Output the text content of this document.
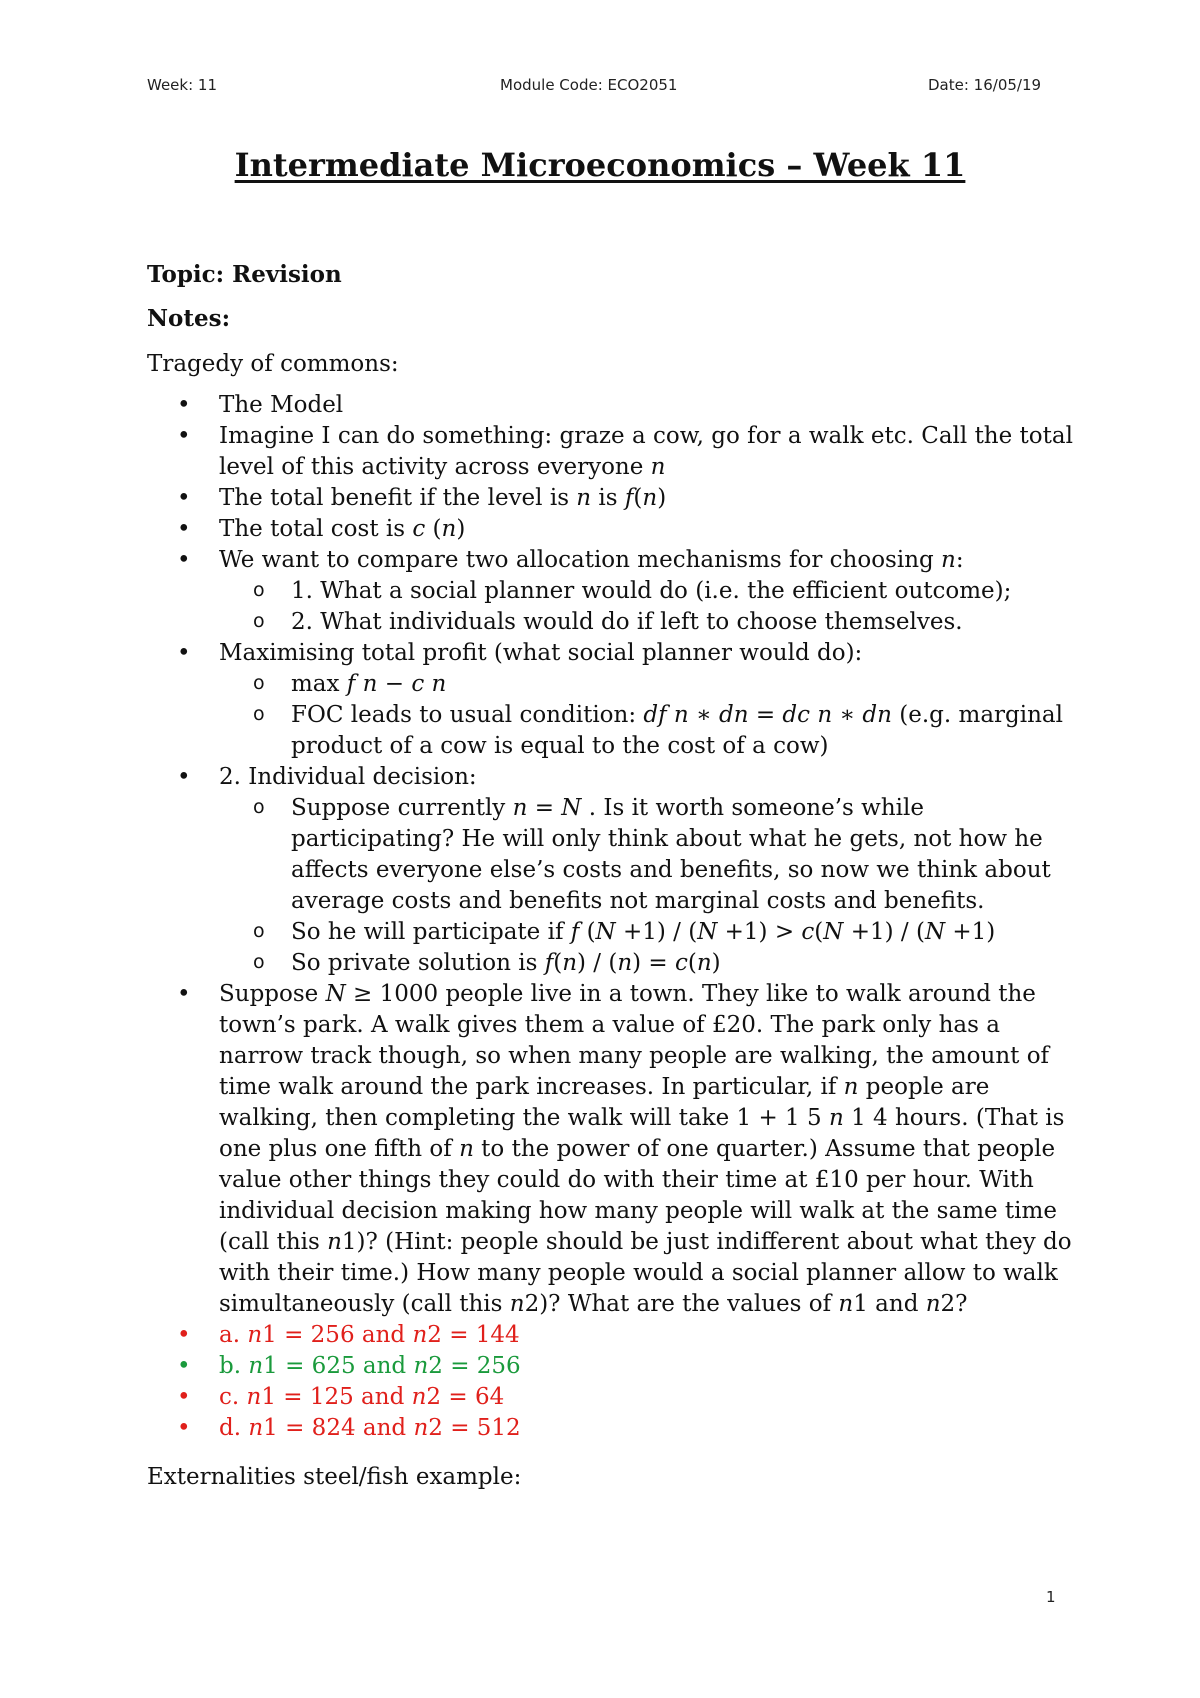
Week: 11	Module Code: ECO2051	Date: 16/05/19
Intermediate Microeconomics – Week 11

Topic: Revision

Notes:

Tragedy of commons:

• The Model
• Imagine I can do something: graze a cow, go for a walk etc. Call the total level of this activity across everyone 𝑛
• The total benefit if the level is 𝑛 is 𝑓(𝑛)
• The total cost is 𝑐 (𝑛)
• We want to compare two allocation mechanisms for choosing 𝑛:
o 1. What a social planner would do (i.e. the efficient outcome);
o 2. What individuals would do if left to choose themselves.
• Maximising total profit (what social planner would do):
o max 𝑓 𝑛 − 𝑐 𝑛
o FOC leads to usual condition: 𝑑𝑓 𝑛 ∗ 𝑑𝑛 = 𝑑𝑐 𝑛 ∗ 𝑑𝑛 (e.g. marginal product of a cow is equal to the cost of a cow)
• 2. Individual decision:
o Suppose currently 𝑛 = 𝑁 . Is it worth someone’s while participating? He will only think about what he gets, not how he affects everyone else’s costs and benefits, so now we think about average costs and benefits not marginal costs and benefits.
o So he will participate if 𝑓 (𝑁 +1) / (𝑁 +1) > 𝑐(𝑁 +1) / (𝑁 +1)
o So private solution is 𝑓(𝑛) / (𝑛) = 𝑐(𝑛)
• Suppose 𝑁 ≥ 1000 people live in a town. They like to walk around the town’s park. A walk gives them a value of £20. The park only has a narrow track though, so when many people are walking, the amount of time walk around the park increases. In particular, if 𝑛 people are walking, then completing the walk will take 1 + 1 5 𝑛 1 4 hours. (That is one plus one fifth of 𝑛 to the power of one quarter.) Assume that people value other things they could do with their time at £10 per hour. With individual decision making how many people will walk at the same time (call this 𝑛1)? (Hint: people should be just indifferent about what they do with their time.) How many people would a social planner allow to walk simultaneously (call this 𝑛2)? What are the values of 𝑛1 and 𝑛2?
• a. 𝑛1 = 256 and 𝑛2 = 144
• b. 𝑛1 = 625 and 𝑛2 = 256
• c. 𝑛1 = 125 and 𝑛2 = 64
• d. 𝑛1 = 824 and 𝑛2 = 512

Externalities steel/fish example:

1
